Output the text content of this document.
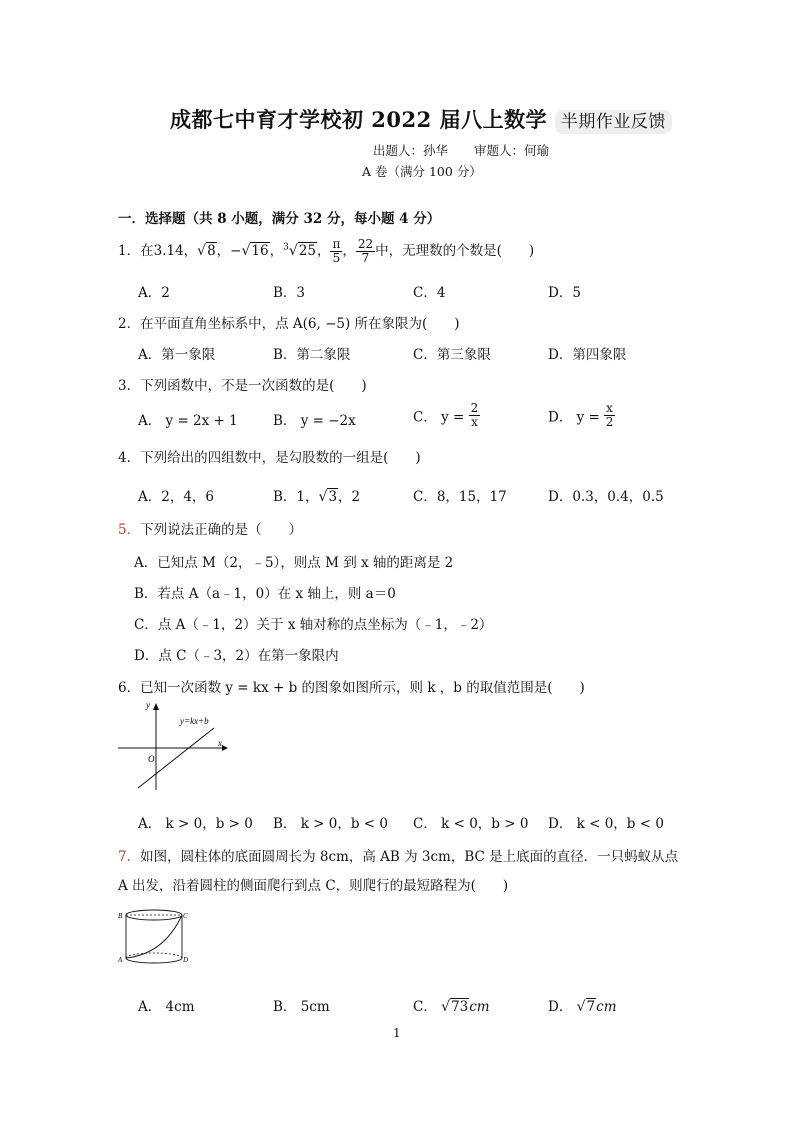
成都七中育才学校初 2022 届八上数学 半期作业反馈
出题人：孙华 审题人：何瑜
A 卷（满分 100 分）
一．选择题（共 8 小题，满分 32 分，每小题 4 分）
1．在3.14，√8，−√16，$^3$√25， $\frac{\pi}{5}$ ， $\frac{22}{7}$ 中，无理数的个数是(　　)
A．2	B．3	C．4	D．5
2．在平面直角坐标系中，点 A(6, −5) 所在象限为(　　)
A．第一象限	B．第二象限	C．第三象限	D．第四象限
3．下列函数中，不是一次函数的是(　　)
A． y = 2x + 1	B． y = −2x	C． $y = \frac{2}{x}$	D． $y = \frac{x}{2}$
4．下列给出的四组数中，是勾股数的一组是(　　)
A．2，4，6	B．1，√3，2	C．8，15，17	D．0.3，0.4，0.5
5．下列说法正确的是（　　）
A．已知点 M（2，﹣5），则点 M 到 x 轴的距离是 2
B．若点 A（a﹣1，0）在 x 轴上，则 a＝0
C．点 A（﹣1，2）关于 x 轴对称的点坐标为（﹣1，﹣2）
D．点 C（﹣3，2）在第一象限内
6．已知一次函数 y = kx + b 的图象如图所示，则 k ，b 的取值范围是(　　)
y
x
O
y=kx+b
A． k > 0，b > 0 B． k > 0，b < 0 C． k < 0，b > 0 D． k < 0，b < 0
7．如图，圆柱体的底面圆周长为 8cm，高 AB 为 3cm，BC 是上底面的直径．一只蚂蚁从点
A 出发，沿着圆柱的侧面爬行到点 C，则爬行的最短路程为(　　)
B	C
A	D
A． 4cm	B． 5cm	C． √73cm	D． √7cm
1
